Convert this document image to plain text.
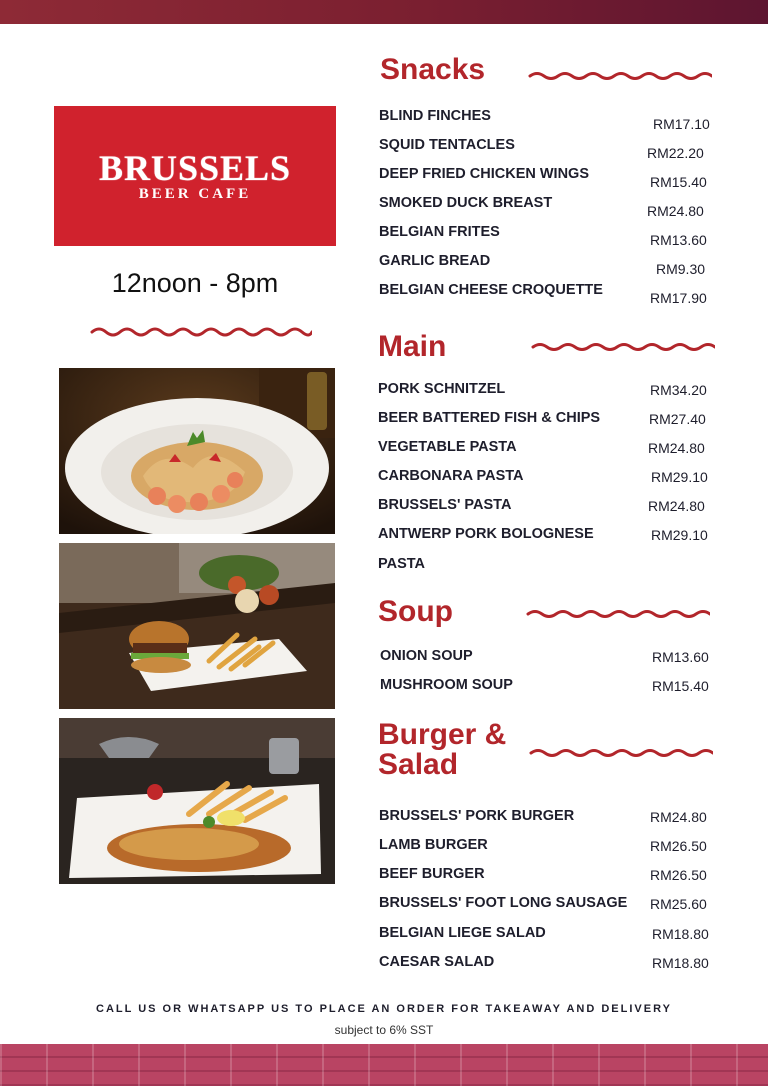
BRUSSELS
BEER CAFE
12noon - 8pm
Snacks
BLIND FINCHES	RM17.10
SQUID TENTACLES	RM22.20
DEEP FRIED CHICKEN WINGS	RM15.40
SMOKED DUCK BREAST	RM24.80
BELGIAN FRITES	RM13.60
GARLIC BREAD	RM9.30
BELGIAN CHEESE CROQUETTE	RM17.90
Main
PORK SCHNITZEL	RM34.20
BEER BATTERED FISH & CHIPS	RM27.40
VEGETABLE PASTA	RM24.80
CARBONARA PASTA	RM29.10
BRUSSELS' PASTA	RM24.80
ANTWERP PORK BOLOGNESE	RM29.10
PASTA
Soup
ONION SOUP	RM13.60
MUSHROOM SOUP	RM15.40
Burger &
Salad
BRUSSELS' PORK BURGER	RM24.80
LAMB BURGER	RM26.50
BEEF BURGER	RM26.50
BRUSSELS' FOOT LONG SAUSAGE RM25.60
BELGIAN LIEGE SALAD	RM18.80
CAESAR SALAD	RM18.80
CALL US OR WHATSAPP US TO PLACE AN ORDER FOR TAKEAWAY AND DELIVERY
subject to 6% SST
